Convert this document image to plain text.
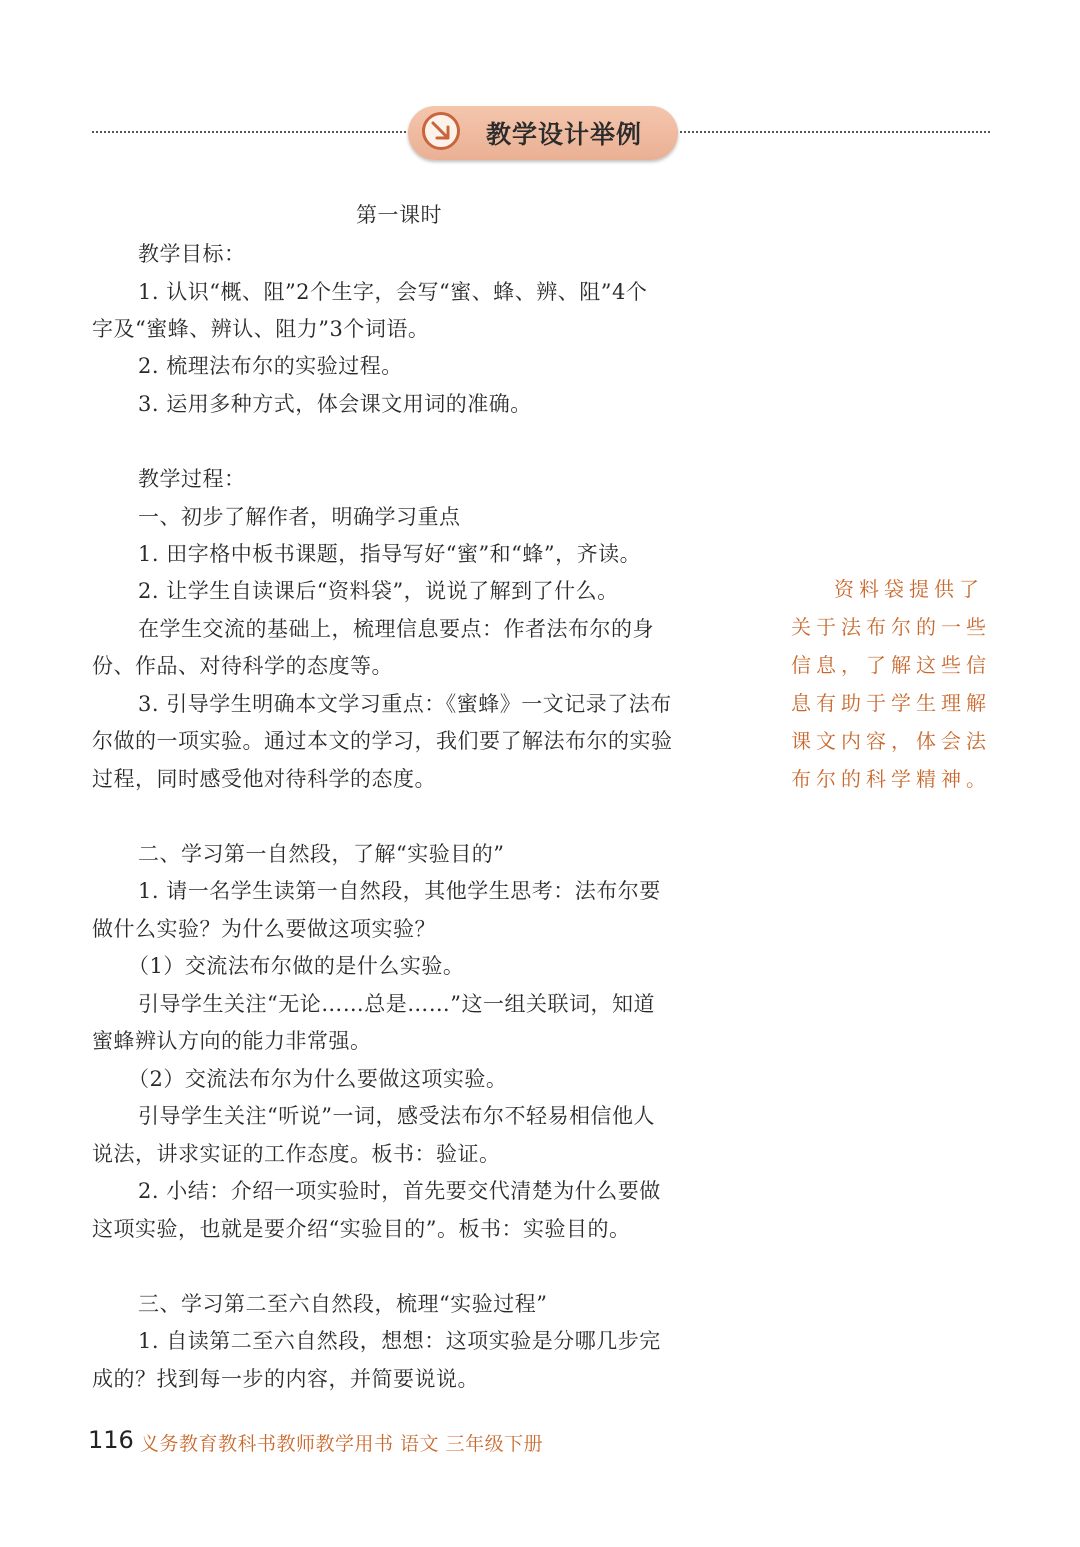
教学设计举例
第一课时
教学目标：
1. 认识“概、阻”2个生字，会写“蜜、蜂、辨、阻”4个
字及“蜜蜂、辨认、阻力”3个词语。
2. 梳理法布尔的实验过程。
3. 运用多种方式，体会课文用词的准确。
教学过程：
一、初步了解作者，明确学习重点
1. 田字格中板书课题，指导写好“蜜”和“蜂”，齐读。
2. 让学生自读课后“资料袋”，说说了解到了什么。
在学生交流的基础上，梳理信息要点：作者法布尔的身
份、作品、对待科学的态度等。
3. 引导学生明确本文学习重点：《蜜蜂》一文记录了法布
尔做的一项实验。通过本文的学习，我们要了解法布尔的实验
过程，同时感受他对待科学的态度。
二、学习第一自然段，了解“实验目的”
1. 请一名学生读第一自然段，其他学生思考：法布尔要
做什么实验？为什么要做这项实验？
（1）交流法布尔做的是什么实验。
引导学生关注“无论……总是……”这一组关联词，知道
蜜蜂辨认方向的能力非常强。
（2）交流法布尔为什么要做这项实验。
引导学生关注“听说”一词，感受法布尔不轻易相信他人
说法，讲求实证的工作态度。板书：验证。
2. 小结：介绍一项实验时，首先要交代清楚为什么要做
这项实验，也就是要介绍“实验目的”。板书：实验目的。
三、学习第二至六自然段，梳理“实验过程”
1. 自读第二至六自然段，想想：这项实验是分哪几步完
成的？找到每一步的内容，并简要说说。
资料袋提供了
关于法布尔的一些
信息，了解这些信
息有助于学生理解
课文内容，体会法
布尔的科学精神。
116 义务教育教科书教师教学用书 语文 三年级下册
